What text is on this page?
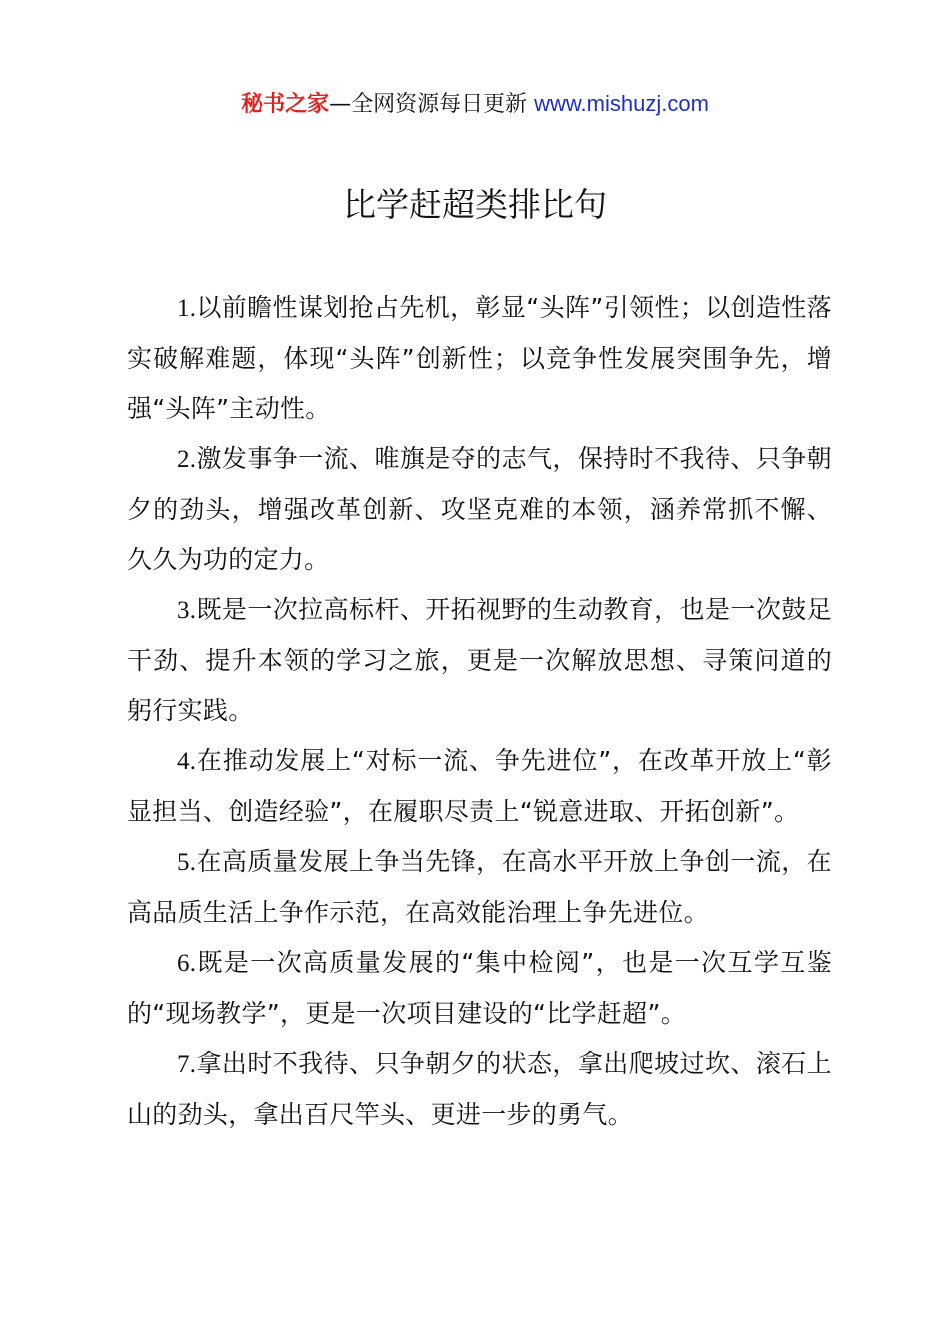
秘书之家—全网资源每日更新 www.mishuzj.com
比学赶超类排比句

1.以前瞻性谋划抢占先机，彰显“头阵”引领性；以创造性落实破解难题，体现“头阵”创新性；以竞争性发展突围争先，增强“头阵”主动性。

2.激发事争一流、唯旗是夺的志气，保持时不我待、只争朝夕的劲头，增强改革创新、攻坚克难的本领，涵养常抓不懈、久久为功的定力。

3.既是一次拉高标杆、开拓视野的生动教育，也是一次鼓足干劲、提升本领的学习之旅，更是一次解放思想、寻策问道的躬行实践。

4.在推动发展上“对标一流、争先进位”，在改革开放上“彰显担当、创造经验”，在履职尽责上“锐意进取、开拓创新”。

5.在高质量发展上争当先锋，在高水平开放上争创一流，在高品质生活上争作示范，在高效能治理上争先进位。

6.既是一次高质量发展的“集中检阅”，也是一次互学互鉴的“现场教学”，更是一次项目建设的“比学赶超”。

7.拿出时不我待、只争朝夕的状态，拿出爬坡过坎、滚石上山的劲头，拿出百尺竿头、更进一步的勇气。
